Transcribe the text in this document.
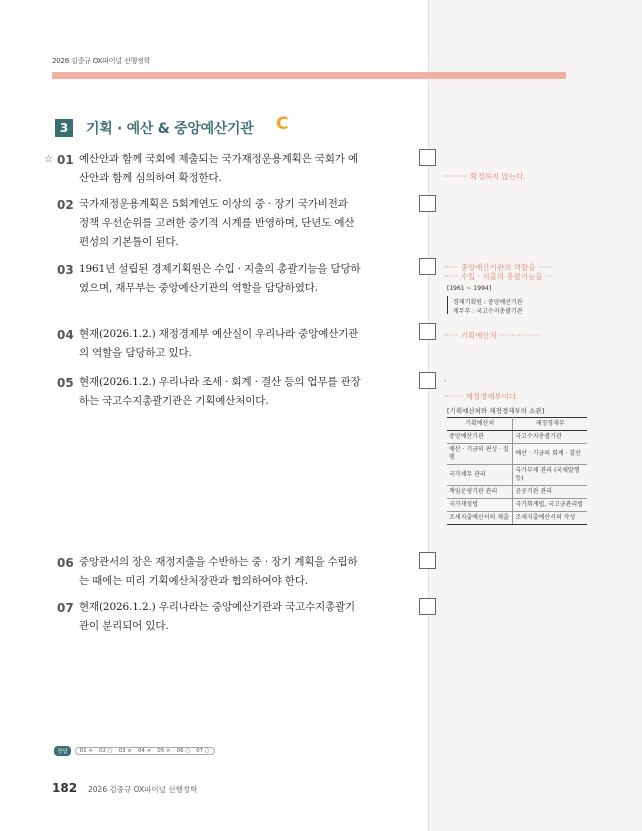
2026 김중규 OX파이널 선행정학
3	기획 · 예산 & 중앙예산기관 C
☆ 01 예산안과 함께 국회에 제출되는 국가재정운용계획은 국회가 예
산안과 함께 심의하여 확정한다.
02 국가재정운용계획은 5회계연도 이상의 중 · 장기 국가비전과
정책 우선순위를 고려한 중기적 시계를 반영하며, 단년도 예산
편성의 기본틀이 된다.
03 1961년 설립된 경제기획원은 수입 · 지출의 총괄기능을 담당하
였으며, 재무부는 중앙예산기관의 역할을 담당하였다.
04 현재(2026.1.2.) 재정경제부 예산실이 우리나라 중앙예산기관
의 역할을 담당하고 있다.
05 현재(2026.1.2.) 우리나라 조세 · 회계 · 결산 등의 업무를 관장
하는 국고수지총괄기관은 기획예산처이다.
06 중앙관서의 장은 재정지출을 수반하는 중 · 장기 계획을 수립하
는 때에는 미리 기획예산처장관과 협의하여야 한다.
07 현재(2026.1.2.) 우리나라는 중앙예산기관과 국고수지총괄기
관이 분리되어 있다.
·········· 확정하지 않는다.
······ 중앙예산기관의 역할을 ······
······ 수입 · 지출의 총괄기능을 ···
[1961 ~ 1994]
경제기획원 : 중앙예산기관
재무부 : 국고수지총괄기관
······ 기획예산처 ·················
·
········ 재정경제부이다.
[기획예산처와 재정경제부의 소관]
기획예산처	재정경제부
중앙예산기관	국고수지총괄기관
예산 · 기금의 편성 · 집행	예산 · 기금의 회계 · 결산
국가채무 관리	국가부채 관리 (국채발행 등)
책임운영기관 관리	공공기관 관리
국가재정법	국가회계법, 국고금관리법
조세지출예산서의 제출	조세지출예산서의 작성
정답	01 × 02 ○ 03 × 04 × 05 × 06 ○ 07 ○
182 2026 김중규 OX파이널 선행정학
